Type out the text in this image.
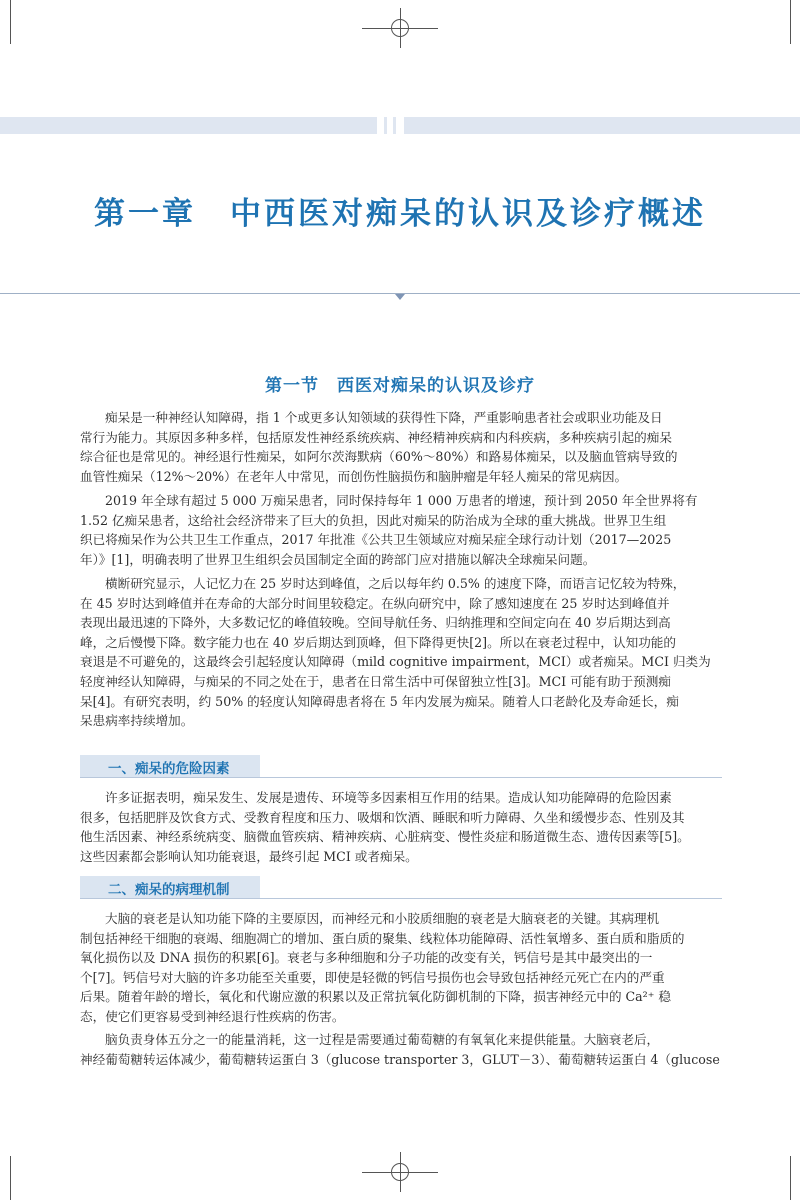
第一章　中西医对痴呆的认识及诊疗概述
第一节　西医对痴呆的认识及诊疗
痴呆是一种神经认知障碍，指 1 个或更多认知领域的获得性下降，严重影响患者社会或职业功能及日
常行为能力。其原因多种多样，包括原发性神经系统疾病、神经精神疾病和内科疾病，多种疾病引起的痴呆
综合征也是常见的。神经退行性痴呆，如阿尔茨海默病（60%～80%）和路易体痴呆，以及脑血管病导致的
血管性痴呆（12%～20%）在老年人中常见，而创伤性脑损伤和脑肿瘤是年轻人痴呆的常见病因。
2019 年全球有超过 5 000 万痴呆患者，同时保持每年 1 000 万患者的增速，预计到 2050 年全世界将有
1.52 亿痴呆患者，这给社会经济带来了巨大的负担，因此对痴呆的防治成为全球的重大挑战。世界卫生组
织已将痴呆作为公共卫生工作重点，2017 年批准《公共卫生领域应对痴呆症全球行动计划（2017—2025
年）》[1]，明确表明了世界卫生组织会员国制定全面的跨部门应对措施以解决全球痴呆问题。
横断研究显示，人记忆力在 25 岁时达到峰值，之后以每年约 0.5% 的速度下降，而语言记忆较为特殊，
在 45 岁时达到峰值并在寿命的大部分时间里较稳定。在纵向研究中，除了感知速度在 25 岁时达到峰值并
表现出最迅速的下降外，大多数记忆的峰值较晚。空间导航任务、归纳推理和空间定向在 40 岁后期达到高
峰，之后慢慢下降。数字能力也在 40 岁后期达到顶峰，但下降得更快[2]。所以在衰老过程中，认知功能的
衰退是不可避免的，这最终会引起轻度认知障碍（mild cognitive impairment，MCI）或者痴呆。MCI 归类为
轻度神经认知障碍，与痴呆的不同之处在于，患者在日常生活中可保留独立性[3]。MCI 可能有助于预测痴
呆[4]。有研究表明，约 50% 的轻度认知障碍患者将在 5 年内发展为痴呆。随着人口老龄化及寿命延长，痴
呆患病率持续增加。
一、痴呆的危险因素
许多证据表明，痴呆发生、发展是遗传、环境等多因素相互作用的结果。造成认知功能障碍的危险因素
很多，包括肥胖及饮食方式、受教育程度和压力、吸烟和饮酒、睡眠和听力障碍、久坐和缓慢步态、性别及其
他生活因素、神经系统病变、脑微血管疾病、精神疾病、心脏病变、慢性炎症和肠道微生态、遗传因素等[5]。
这些因素都会影响认知功能衰退，最终引起 MCI 或者痴呆。
二、痴呆的病理机制
大脑的衰老是认知功能下降的主要原因，而神经元和小胶质细胞的衰老是大脑衰老的关键。其病理机
制包括神经干细胞的衰竭、细胞凋亡的增加、蛋白质的聚集、线粒体功能障碍、活性氧增多、蛋白质和脂质的
氧化损伤以及 DNA 损伤的积累[6]。衰老与多种细胞和分子功能的改变有关，钙信号是其中最突出的一
个[7]。钙信号对大脑的许多功能至关重要，即使是轻微的钙信号损伤也会导致包括神经元死亡在内的严重
后果。随着年龄的增长，氧化和代谢应激的积累以及正常抗氧化防御机制的下降，损害神经元中的 Ca²⁺ 稳
态，使它们更容易受到神经退行性疾病的伤害。
脑负责身体五分之一的能量消耗，这一过程是需要通过葡萄糖的有氧氧化来提供能量。大脑衰老后，
神经葡萄糖转运体减少，葡萄糖转运蛋白 3（glucose transporter 3，GLUT－3）、葡萄糖转运蛋白 4（glucose
